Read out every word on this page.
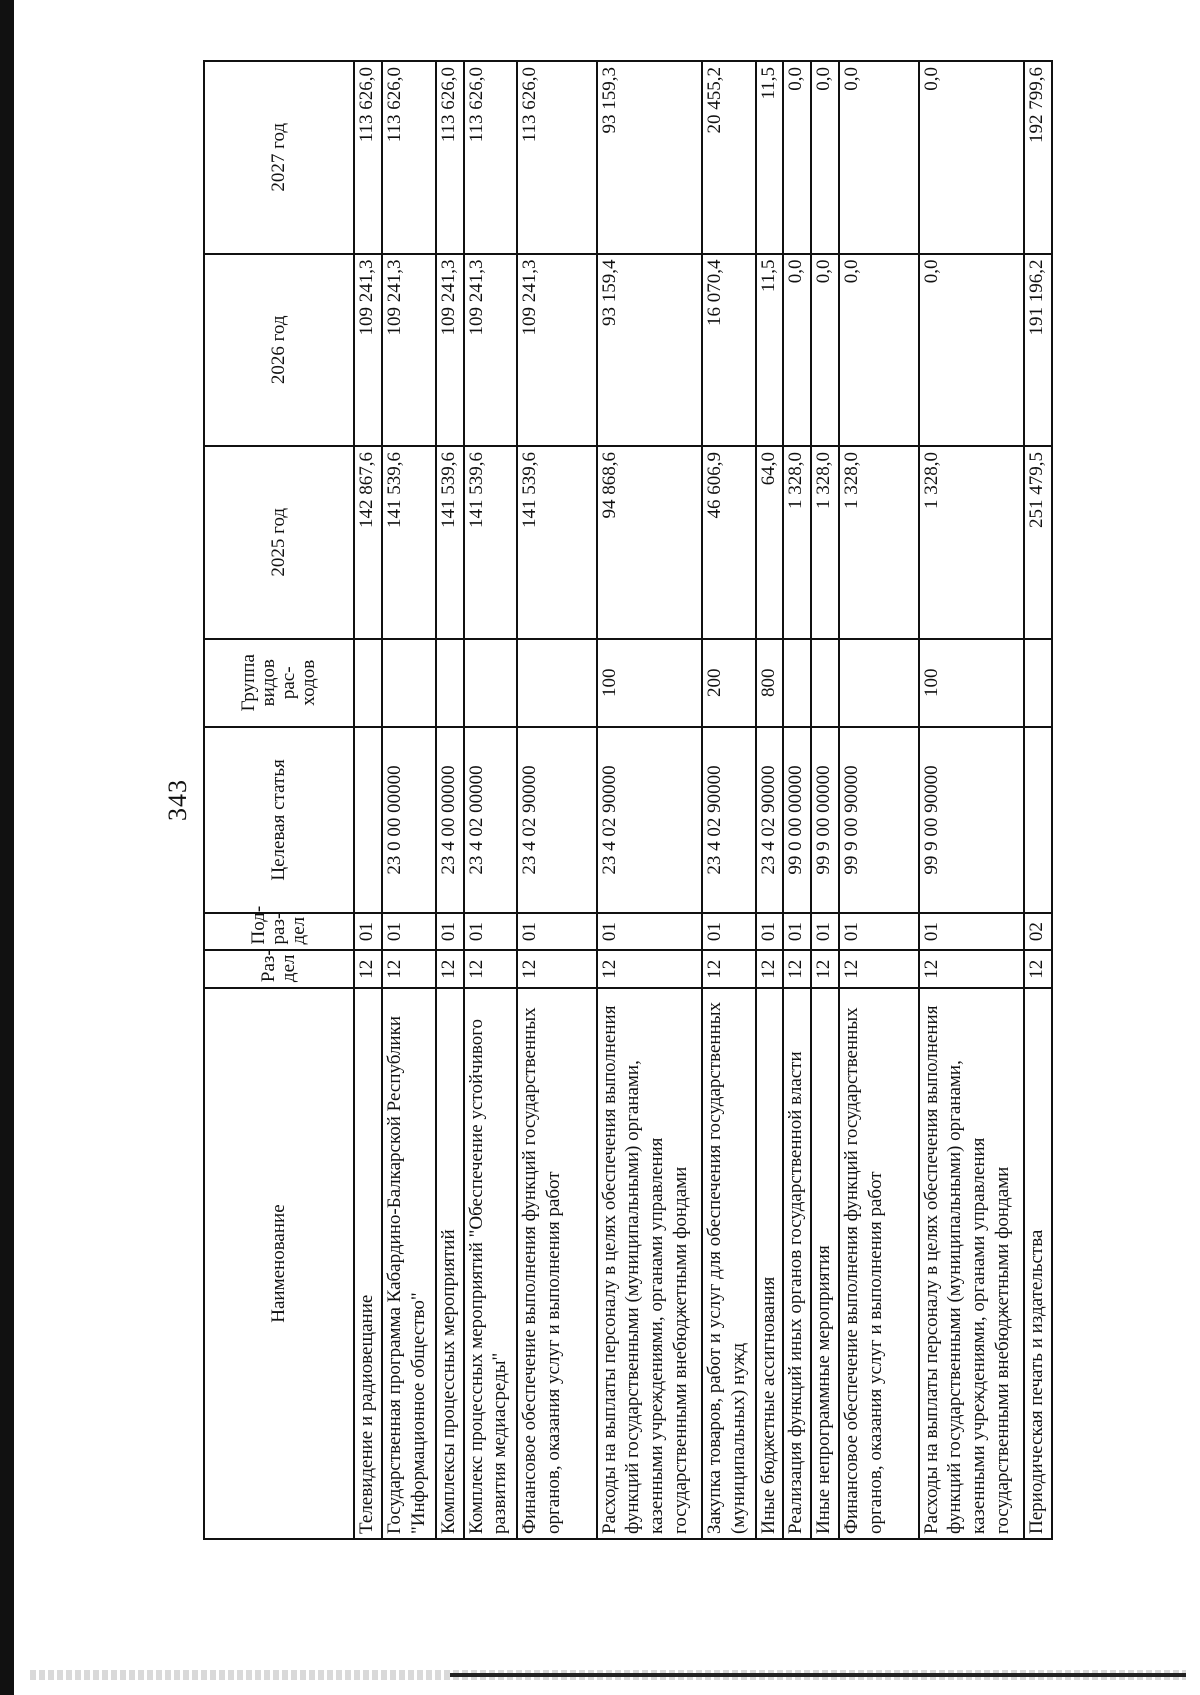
343
Наименование	Раз-дел	Под-раз-дел	Целевая статья	Группа видов рас-ходов	2025 год	2026 год	2027 год
Телевидение и радиовещание	12	01			142 867,6	109 241,3	113 626,0
Государственная программа Кабардино-Балкарской Республики "Информационное общество"	12	01	23 0 00 00000		141 539,6	109 241,3	113 626,0
Комплексы процессных мероприятий	12	01	23 4 00 00000		141 539,6	109 241,3	113 626,0
Комплекс процессных мероприятий "Обеспечение устойчивого развития медиасреды"	12	01	23 4 02 00000		141 539,6	109 241,3	113 626,0
Финансовое обеспечение выполнения функций государственных органов, оказания услуг и выполнения работ	12	01	23 4 02 90000		141 539,6	109 241,3	113 626,0
Расходы на выплаты персоналу в целях обеспечения выполнения функций государственными (муниципальными) органами, казенными учреждениями, органами управления государственными внебюджетными фондами	12	01	23 4 02 90000	100	94 868,6	93 159,4	93 159,3
Закупка товаров, работ и услуг для обеспечения государственных (муниципальных) нужд	12	01	23 4 02 90000	200	46 606,9	16 070,4	20 455,2
Иные бюджетные ассигнования	12	01	23 4 02 90000	800	64,0	11,5	11,5
Реализация функций иных органов государственной власти	12	01	99 0 00 00000		1 328,0	0,0	0,0
Иные непрограммные мероприятия	12	01	99 9 00 00000		1 328,0	0,0	0,0
Финансовое обеспечение выполнения функций государственных органов, оказания услуг и выполнения работ	12	01	99 9 00 90000		1 328,0	0,0	0,0
Расходы на выплаты персоналу в целях обеспечения выполнения функций государственными (муниципальными) органами, казенными учреждениями, органами управления государственными внебюджетными фондами	12	01	99 9 00 90000	100	1 328,0	0,0	0,0
Периодическая печать и издательства	12	02			251 479,5	191 196,2	192 799,6
